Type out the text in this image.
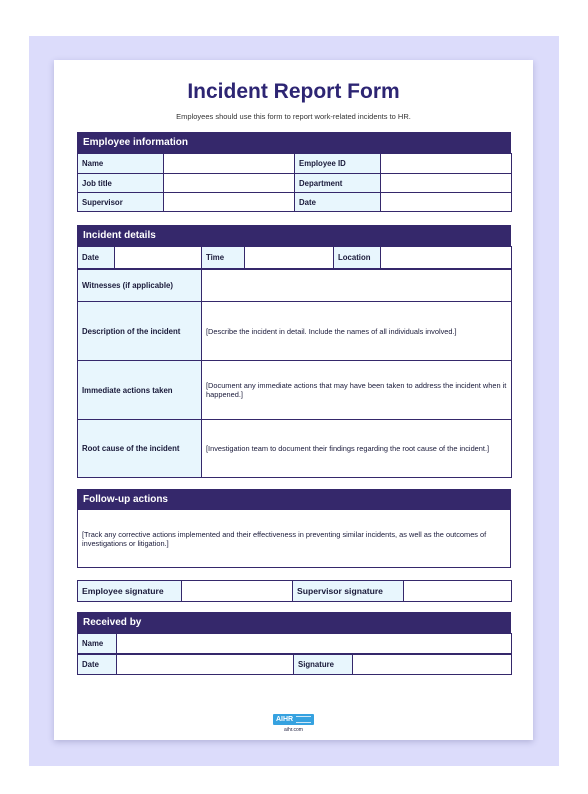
Incident Report Form
Employees should use this form to report work-related incidents to HR.
Employee information
Name		Employee ID	
Job title		Department	
Supervisor		Date	
Incident details
Date		Time		Location	
Witnesses (if applicable)	
Description of the incident	[Describe the incident in detail. Include the names of all individuals involved.]
Immediate actions taken	[Document any immediate actions that may have been taken to address the incident when it happened.]
Root cause of the incident	[Investigation team to document their findings regarding the root cause of the incident.]
Follow-up actions
[Track any corrective actions implemented and their effectiveness in preventing similar incidents, as well as the outcomes of investigations or litigation.]
Employee signature		Supervisor signature	
Received by
Name	
Date		Signature	
AIHR
aihr.com
